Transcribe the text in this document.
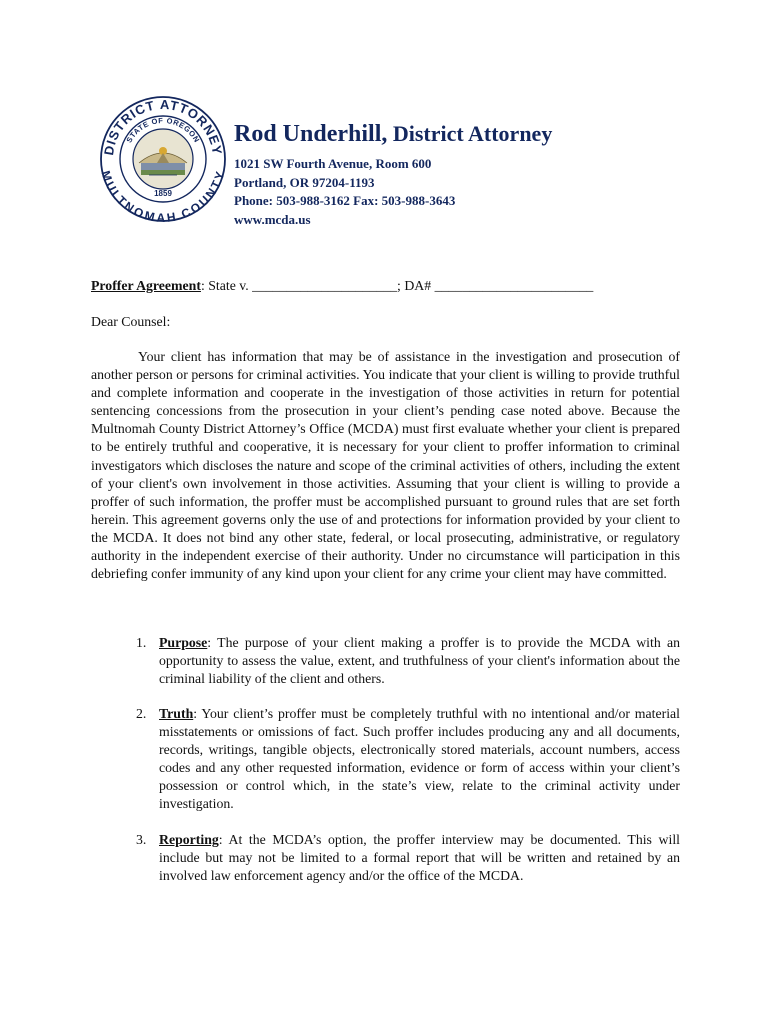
DISTRICT ATTORNEY
MULTNOMAH COUNTY
STATE OF OREGON
1859
Rod Underhill, District Attorney
1021 SW Fourth Avenue, Room 600
Portland, OR 97204-1193
Phone: 503-988-3162 Fax: 503-988-3643
www.mcda.us
Proffer Agreement: State v. _____________________; DA# _______________________
Dear Counsel:
Your client has information that may be of assistance in the investigation and prosecution of another person or persons for criminal activities. You indicate that your client is willing to provide truthful and complete information and cooperate in the investigation of those activities in return for potential sentencing concessions from the prosecution in your client’s pending case noted above. Because the Multnomah County District Attorney’s Office (MCDA) must first evaluate whether your client is prepared to be entirely truthful and cooperative, it is necessary for your client to proffer information to criminal investigators which discloses the nature and scope of the criminal activities of others, including the extent of your client's own involvement in those activities. Assuming that your client is willing to provide a proffer of such information, the proffer must be accomplished pursuant to ground rules that are set forth herein. This agreement governs only the use of and protections for information provided by your client to the MCDA. It does not bind any other state, federal, or local prosecuting, administrative, or regulatory authority in the independent exercise of their authority. Under no circumstance will participation in this debriefing confer immunity of any kind upon your client for any crime your client may have committed.
1. Purpose: The purpose of your client making a proffer is to provide the MCDA with an opportunity to assess the value, extent, and truthfulness of your client's information about the criminal liability of the client and others.
2. Truth: Your client’s proffer must be completely truthful with no intentional and/or material misstatements or omissions of fact. Such proffer includes producing any and all documents, records, writings, tangible objects, electronically stored materials, account numbers, access codes and any other requested information, evidence or form of access within your client’s possession or control which, in the state’s view, relate to the criminal activity under investigation.
3. Reporting: At the MCDA’s option, the proffer interview may be documented. This will include but may not be limited to a formal report that will be written and retained by an involved law enforcement agency and/or the office of the MCDA.
